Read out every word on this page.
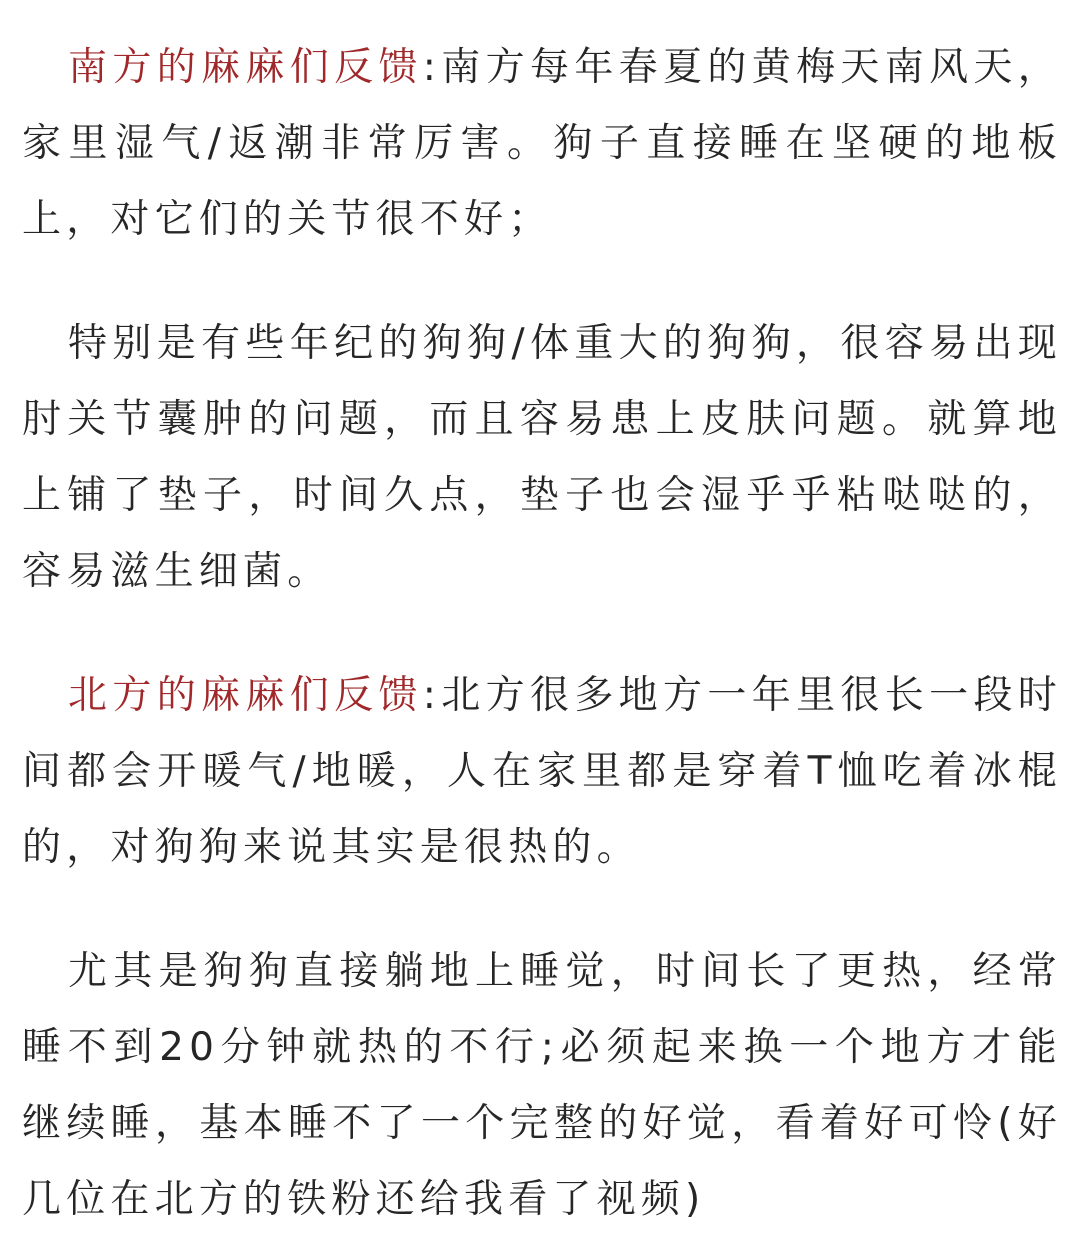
南方的麻麻们反馈:南方每年春夏的黄梅天南风天，家里湿气/返潮非常厉害。狗子直接睡在坚硬的地板上，对它们的关节很不好；

特别是有些年纪的狗狗/体重大的狗狗，很容易出现肘关节囊肿的问题，而且容易患上皮肤问题。就算地上铺了垫子，时间久点，垫子也会湿乎乎粘哒哒的，容易滋生细菌。

北方的麻麻们反馈:北方很多地方一年里很长一段时间都会开暖气/地暖，人在家里都是穿着T恤吃着冰棍的，对狗狗来说其实是很热的。

尤其是狗狗直接躺地上睡觉，时间长了更热，经常睡不到20分钟就热的不行;必须起来换一个地方才能继续睡，基本睡不了一个完整的好觉，看着好可怜(好几位在北方的铁粉还给我看了视频)
